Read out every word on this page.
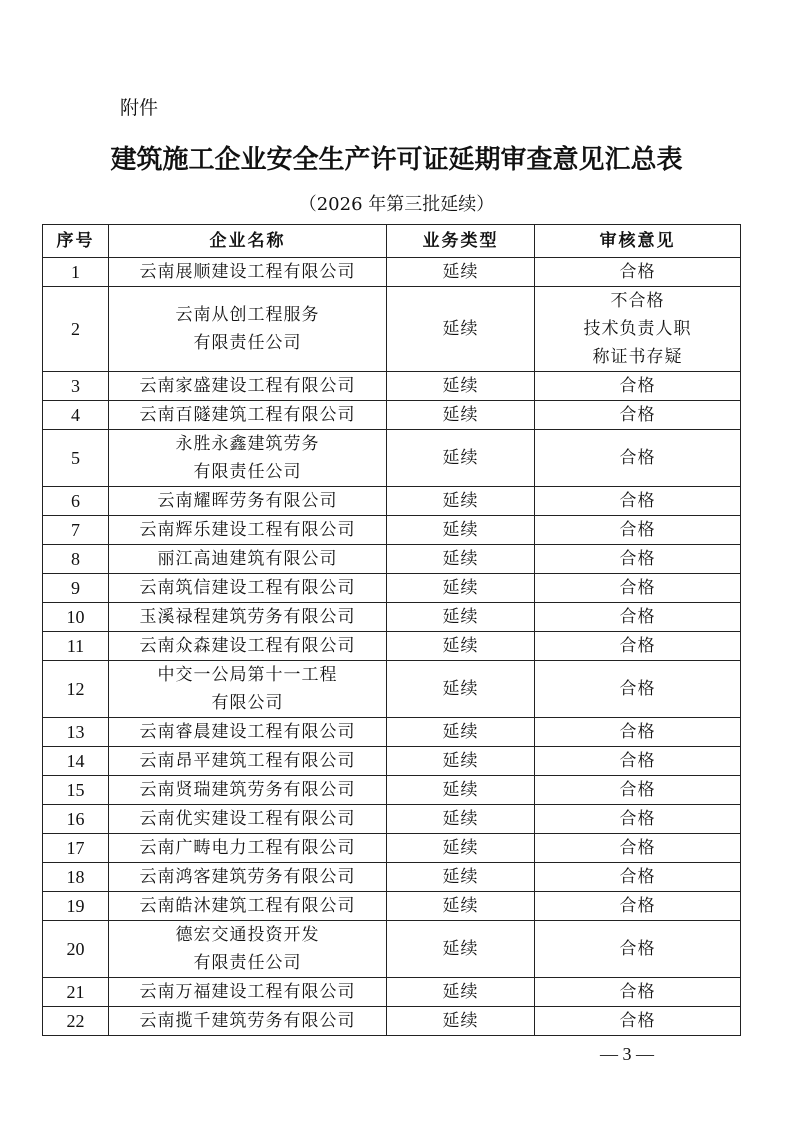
附件
建筑施工企业安全生产许可证延期审查意见汇总表
（2026 年第三批延续）
序号	企业名称	业务类型	审核意见
1	云南展顺建设工程有限公司	延续	合格

2	云南从创工程服务
有限责任公司	延续	不合格
技术负责人职
称证书存疑

3	云南家盛建设工程有限公司	延续	合格

4	云南百隧建筑工程有限公司	延续	合格

5	永胜永鑫建筑劳务
有限责任公司	延续	合格

6	云南耀晖劳务有限公司	延续	合格

7	云南辉乐建设工程有限公司	延续	合格

8	丽江高迪建筑有限公司	延续	合格

9	云南筑信建设工程有限公司	延续	合格

10	玉溪禄程建筑劳务有限公司	延续	合格

11	云南众森建设工程有限公司	延续	合格

12	中交一公局第十一工程
有限公司	延续	合格

13	云南睿晨建设工程有限公司	延续	合格

14	云南昂平建筑工程有限公司	延续	合格

15	云南贤瑞建筑劳务有限公司	延续	合格

16	云南优实建设工程有限公司	延续	合格

17	云南广畴电力工程有限公司	延续	合格

18	云南鸿客建筑劳务有限公司	延续	合格

19	云南皓沐建筑工程有限公司	延续	合格

20	德宏交通投资开发
有限责任公司	延续	合格

21	云南万福建设工程有限公司	延续	合格

22	云南揽千建筑劳务有限公司	延续	合格
— 3 —
